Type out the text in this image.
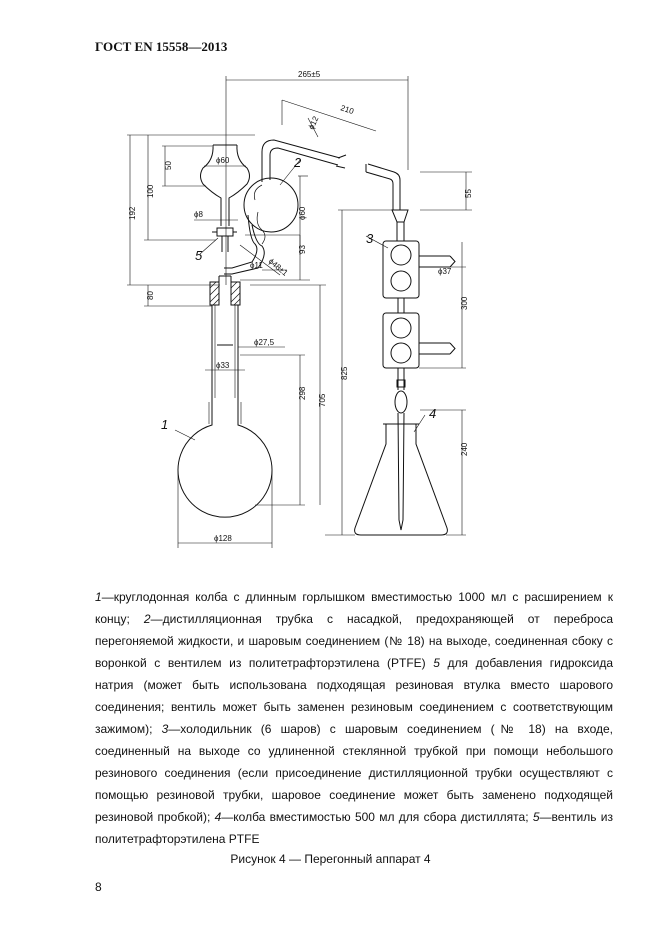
ГОСТ EN 15558—2013
265±5
210
ϕ12
50
100
192
ϕ60
ϕ8	ϕ60
93
ϕ11 ϕ48±1
80
ϕ27,5
ϕ33
298
705
825
ϕ128
55
ϕ37
300
240
1
2
3
4
5
1—круглодонная колба с длинным горлышком вместимостью 1000 мл с расширением к концу; 2—дистилляционная трубка с насадкой, предохраняющей от переброса перегоняемой жидкости, и шаровым соединением (№ 18) на выходе, соединенная сбоку с воронкой с вентилем из политетрафторэтилена (PTFE) 5 для добавления гидроксида натрия (может быть использована подходящая резиновая втулка вместо шарового соединения; вентиль может быть заменен резиновым соединением с соответствующим зажимом); 3—холодильник (6 шаров) с шаровым соединением (№ 18) на входе, соединенный на выходе со удлиненной стеклянной трубкой при помощи небольшого резинового соединения (если присоединение дистилляционной трубки осуществляют с помощью резиновой трубки, шаровое соединение может быть заменено подходящей резиновой пробкой); 4—колба вместимостью 500 мл для сбора дистиллята; 5—вентиль из политетрафторэтилена PTFE
Рисунок 4 — Перегонный аппарат 4
8
